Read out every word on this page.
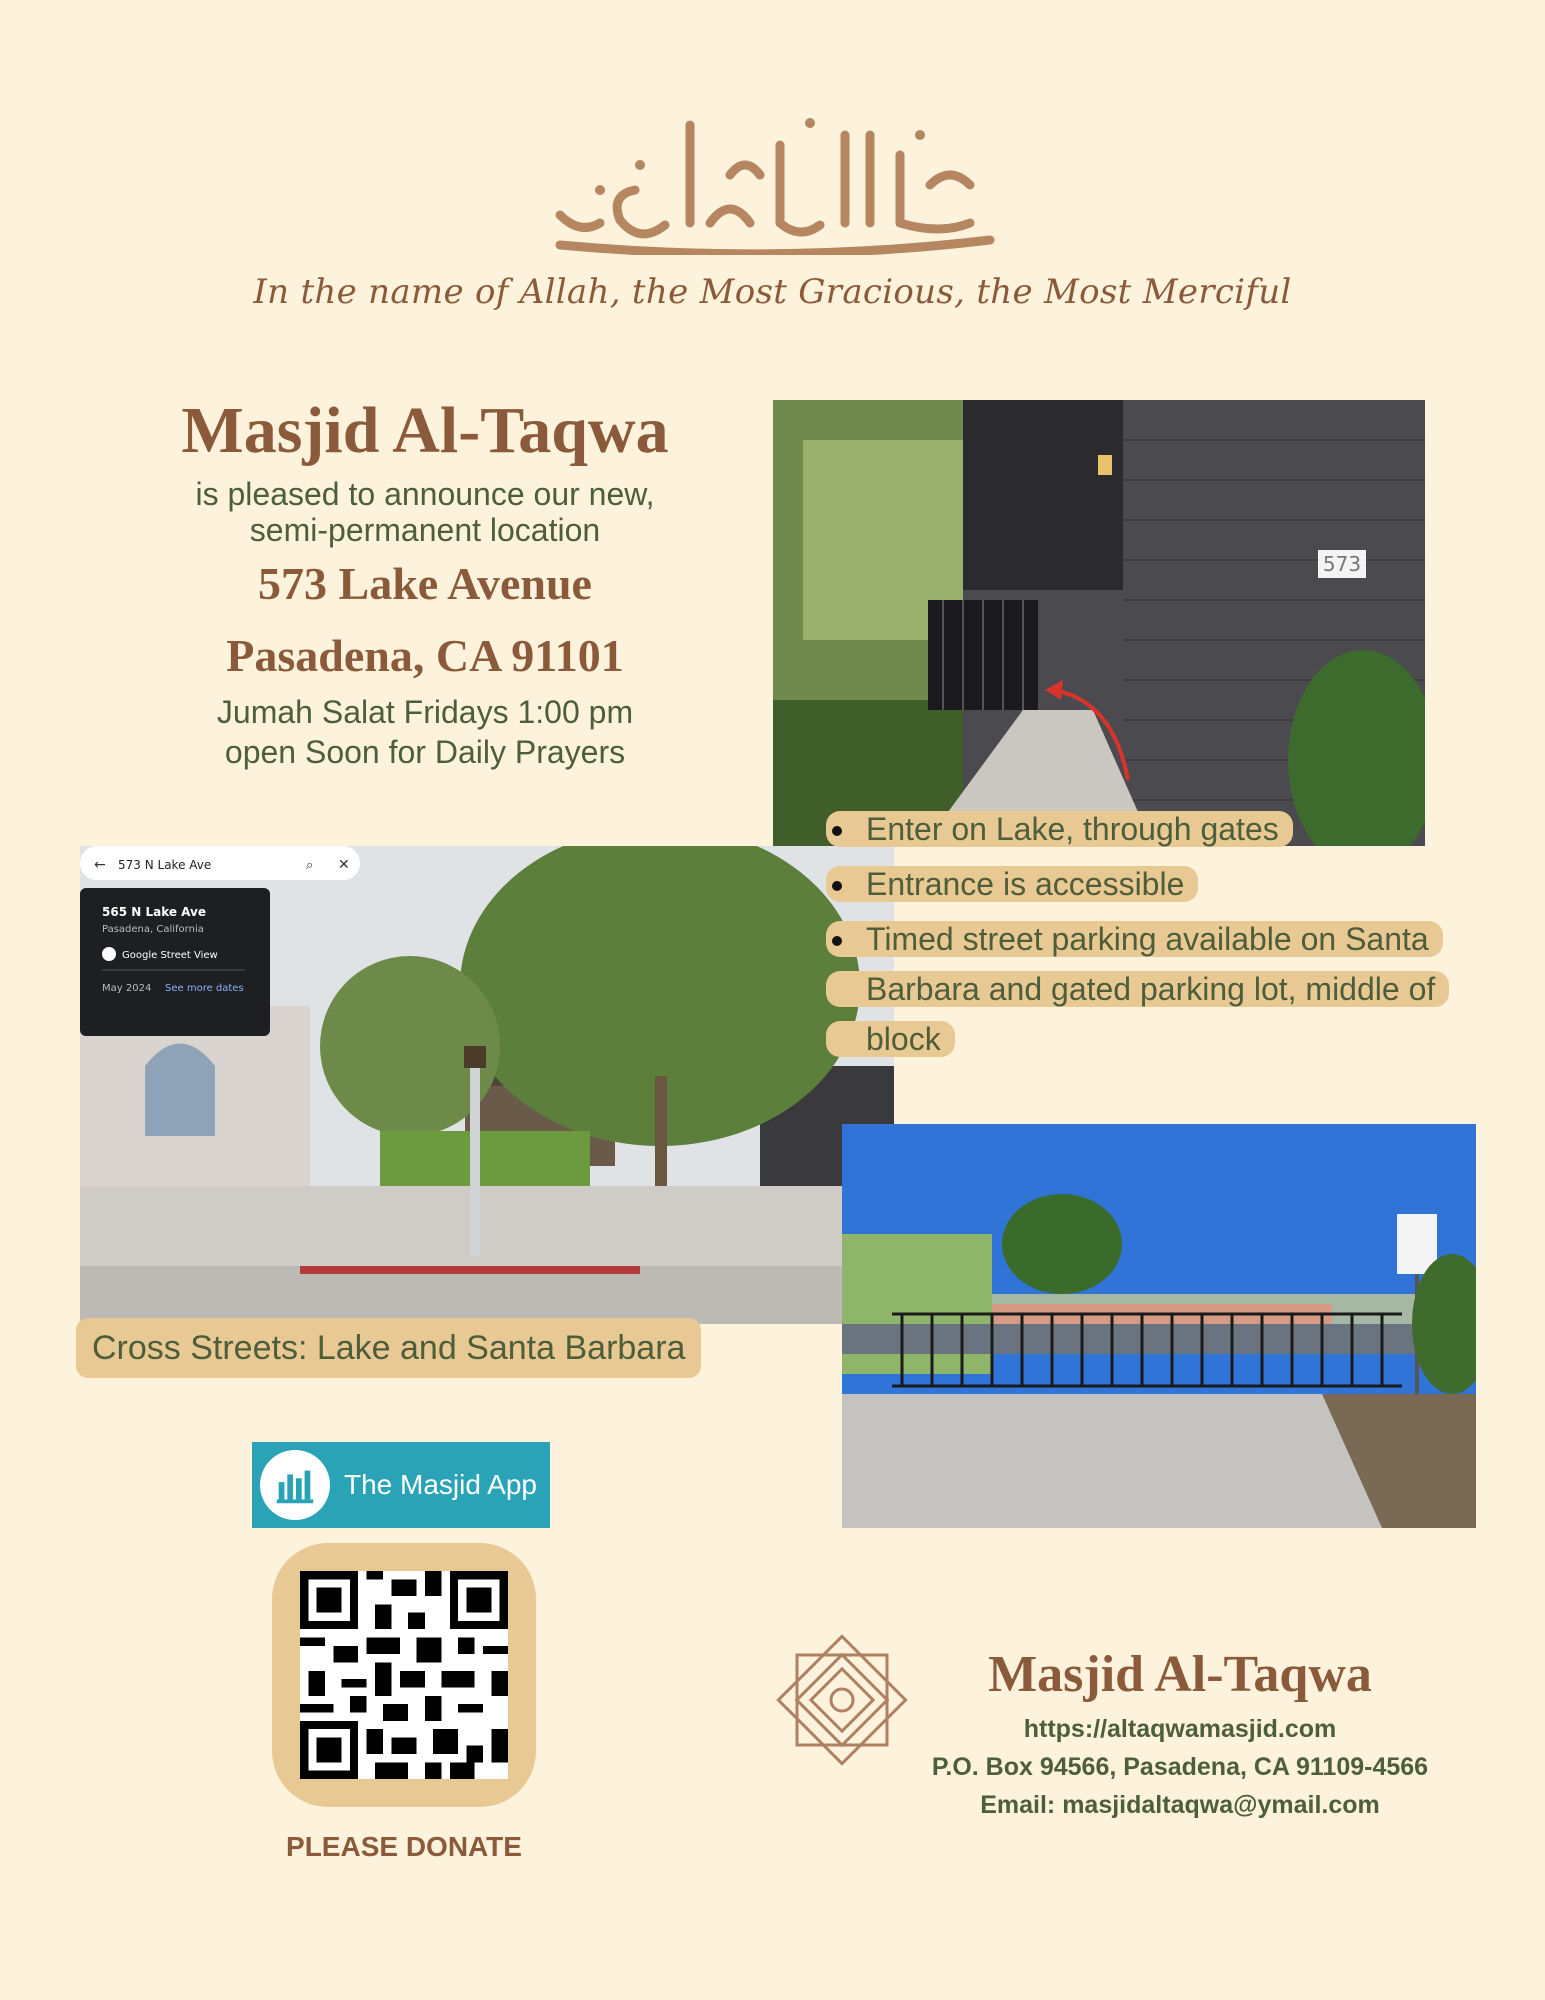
In the name of Allah, the Most Gracious, the Most Merciful
Masjid Al-Taqwa
is pleased to announce our new,
semi-permanent location
573 Lake Avenue
Pasadena, CA 91101
Jumah Salat Fridays 1:00 pm
open Soon for Daily Prayers
573
573 N Lake Ave
←	⌕ ✕
565 N Lake Ave
Pasadena, California
Google Street View
May 2024 See more dates
Enter on Lake, through gates
Entrance is accessible
Timed street parking available on Santa Barbara and gated parking lot, middle of block
Cross Streets: Lake and Santa Barbara
The Masjid App
PLEASE DONATE
Masjid Al-Taqwa
https://altaqwamasjid.com
P.O. Box 94566, Pasadena, CA 91109-4566
Email: masjidaltaqwa@ymail.com
